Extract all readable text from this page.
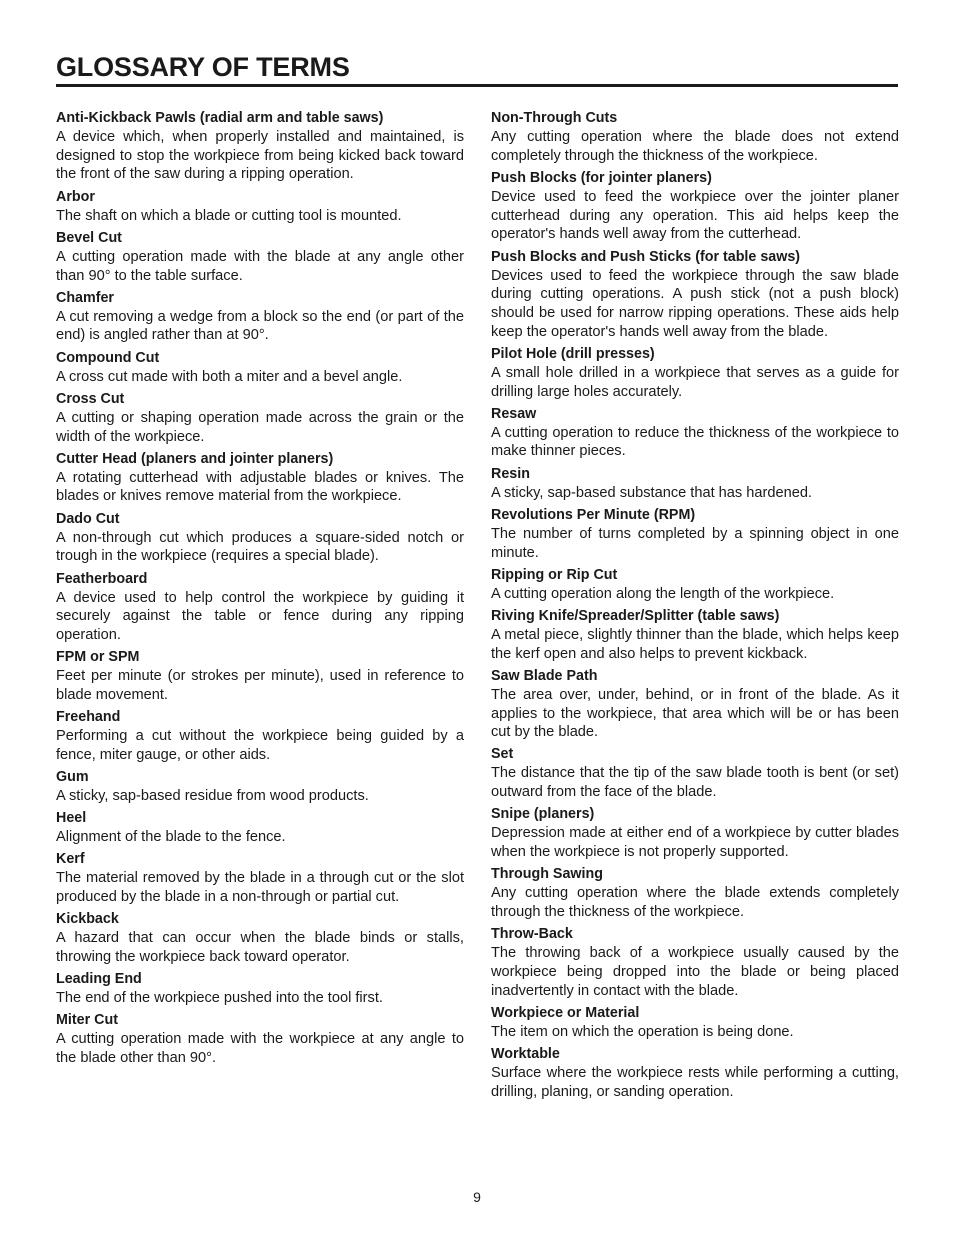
GLOSSARY OF TERMS
Anti-Kickback Pawls (radial arm and table saws)
A device which, when properly installed and maintained, is designed to stop the workpiece from being kicked back toward the front of the saw during a ripping operation.
Arbor
The shaft on which a blade or cutting tool is mounted.
Bevel Cut
A cutting operation made with the blade at any angle other than 90° to the table surface.
Chamfer
A cut removing a wedge from a block so the end (or part of the end) is angled rather than at 90°.
Compound Cut
A cross cut made with both a miter and a bevel angle.
Cross Cut
A cutting or shaping operation made across the grain or the width of the workpiece.
Cutter Head (planers and jointer planers)
A rotating cutterhead with adjustable blades or knives. The blades or knives remove material from the workpiece.
Dado Cut
A non-through cut which produces a square-sided notch or trough in the workpiece (requires a special blade).
Featherboard
A device used to help control the workpiece by guiding it securely against the table or fence during any ripping operation.
FPM or SPM
Feet per minute (or strokes per minute), used in reference to blade movement.
Freehand
Performing a cut without the workpiece being guided by a fence, miter gauge, or other aids.
Gum
A sticky, sap-based residue from wood products.
Heel
Alignment of the blade to the fence.
Kerf
The material removed by the blade in a through cut or the slot produced by the blade in a non-through or partial cut.
Kickback
A hazard that can occur when the blade binds or stalls, throwing the workpiece back toward operator.
Leading End
The end of the workpiece pushed into the tool first.
Miter Cut
A cutting operation made with the workpiece at any angle to the blade other than 90°.
Non-Through Cuts
Any cutting operation where the blade does not extend completely through the thickness of the workpiece.
Push Blocks (for jointer planers)
Device used to feed the workpiece over the jointer planer cutterhead during any operation. This aid helps keep the operator's hands well away from the cutterhead.
Push Blocks and Push Sticks (for table saws)
Devices used to feed the workpiece through the saw blade during cutting operations. A push stick (not a push block) should be used for narrow ripping operations. These aids help keep the operator's hands well away from the blade.
Pilot Hole (drill presses)
A small hole drilled in a workpiece that serves as a guide for drilling large holes accurately.
Resaw
A cutting operation to reduce the thickness of the workpiece to make thinner pieces.
Resin
A sticky, sap-based substance that has hardened.
Revolutions Per Minute (RPM)
The number of turns completed by a spinning object in one minute.
Ripping or Rip Cut
A cutting operation along the length of the workpiece.
Riving Knife/Spreader/Splitter (table saws)
A metal piece, slightly thinner than the blade, which helps keep the kerf open and also helps to prevent kickback.
Saw Blade Path
The area over, under, behind, or in front of the blade. As it applies to the workpiece, that area which will be or has been cut by the blade.
Set
The distance that the tip of the saw blade tooth is bent (or set) outward from the face of the blade.
Snipe (planers)
Depression made at either end of a workpiece by cutter blades when the workpiece is not properly supported.
Through Sawing
Any cutting operation where the blade extends completely through the thickness of the workpiece.
Throw-Back
The throwing back of a workpiece usually caused by the workpiece being dropped into the blade or being placed inadvertently in contact with the blade.
Workpiece or Material
The item on which the operation is being done.
Worktable
Surface where the workpiece rests while performing a cutting, drilling, planing, or sanding operation.
9
